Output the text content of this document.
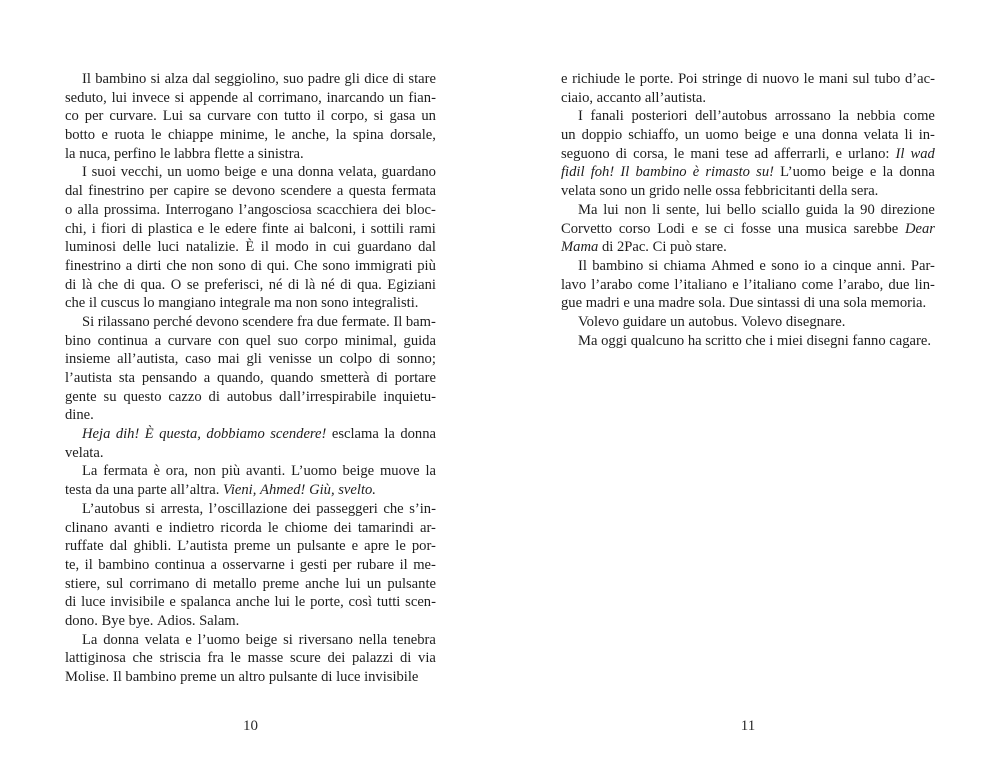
Il bambino si alza dal seggiolino, suo padre gli dice di stare
seduto, lui invece si appende al corrimano, inarcando un fian-
co per curvare. Lui sa curvare con tutto il corpo, si gasa un
botto e ruota le chiappe minime, le anche, la spina dorsale,
la nuca, perfino le labbra flette a sinistra.
I suoi vecchi, un uomo beige e una donna velata, guardano
dal finestrino per capire se devono scendere a questa fermata
o alla prossima. Interrogano l’angosciosa scacchiera dei bloc-
chi, i fiori di plastica e le edere finte ai balconi, i sottili rami
luminosi delle luci natalizie. È il modo in cui guardano dal
finestrino a dirti che non sono di qui. Che sono immigrati più
di là che di qua. O se preferisci, né di là né di qua. Egiziani
che il cuscus lo mangiano integrale ma non sono integralisti.
Si rilassano perché devono scendere fra due fermate. Il bam-
bino continua a curvare con quel suo corpo minimal, guida
insieme all’autista, caso mai gli venisse un colpo di sonno;
l’autista sta pensando a quando, quando smetterà di portare
gente su questo cazzo di autobus dall’irrespirabile inquietu-
dine.
Heja dih! È questa, dobbiamo scendere! esclama la donna
velata.
La fermata è ora, non più avanti. L’uomo beige muove la
testa da una parte all’altra. Vieni, Ahmed! Giù, svelto.
L’autobus si arresta, l’oscillazione dei passeggeri che s’in-
clinano avanti e indietro ricorda le chiome dei tamarindi ar-
ruffate dal ghibli. L’autista preme un pulsante e apre le por-
te, il bambino continua a osservarne i gesti per rubare il me-
stiere, sul corrimano di metallo preme anche lui un pulsante
di luce invisibile e spalanca anche lui le porte, così tutti scen-
dono. Bye bye. Adios. Salam.
La donna velata e l’uomo beige si riversano nella tenebra
lattiginosa che striscia fra le masse scure dei palazzi di via
Molise. Il bambino preme un altro pulsante di luce invisibile
e richiude le porte. Poi stringe di nuovo le mani sul tubo d’ac-
ciaio, accanto all’autista.
I fanali posteriori dell’autobus arrossano la nebbia come
un doppio schiaffo, un uomo beige e una donna velata li in-
seguono di corsa, le mani tese ad afferrarli, e urlano: Il wad
fidil foh! Il bambino è rimasto su! L’uomo beige e la donna
velata sono un grido nelle ossa febbricitanti della sera.
Ma lui non li sente, lui bello sciallo guida la 90 direzione
Corvetto corso Lodi e se ci fosse una musica sarebbe Dear
Mama di 2Pac. Ci può stare.
Il bambino si chiama Ahmed e sono io a cinque anni. Par-
lavo l’arabo come l’italiano e l’italiano come l’arabo, due lin-
gue madri e una madre sola. Due sintassi di una sola memoria.
Volevo guidare un autobus. Volevo disegnare.
Ma oggi qualcuno ha scritto che i miei disegni fanno cagare.
10	11
